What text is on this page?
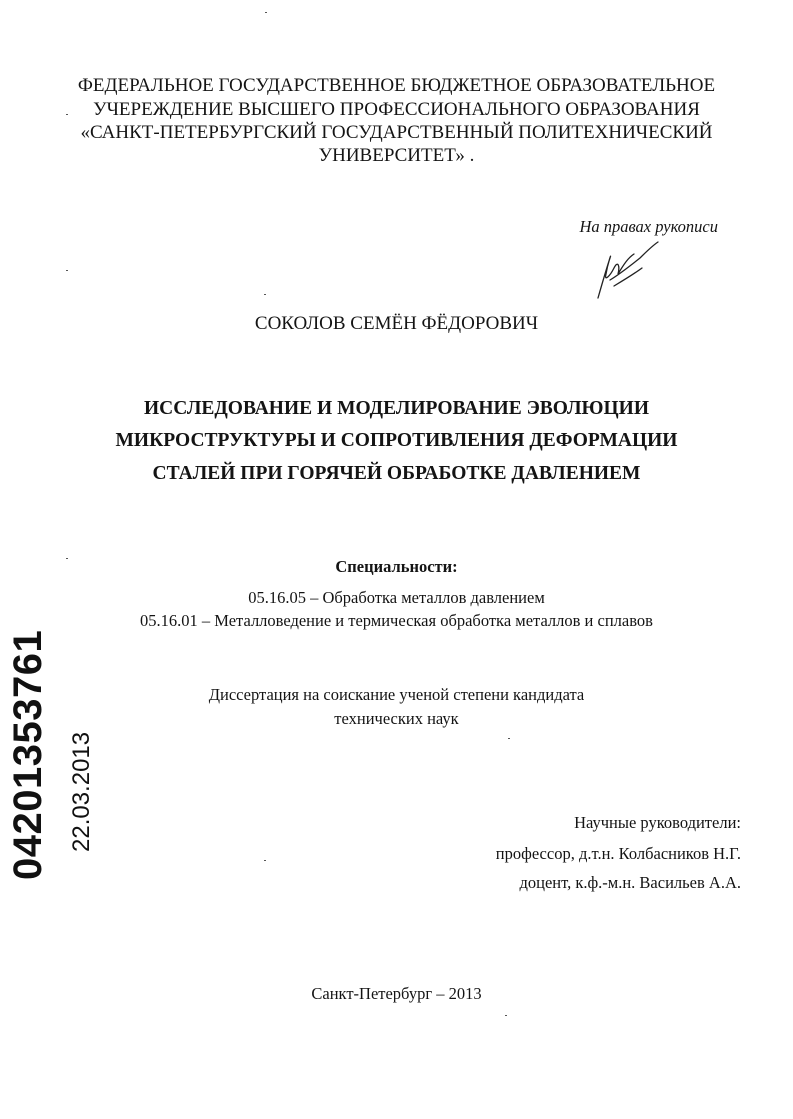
ФЕДЕРАЛЬНОЕ ГОСУДАРСТВЕННОЕ БЮДЖЕТНОЕ ОБРАЗОВАТЕЛЬНОЕ
УЧЕРЕЖДЕНИЕ ВЫСШЕГО ПРОФЕССИОНАЛЬНОГО ОБРАЗОВАНИЯ
«САНКТ-ПЕТЕРБУРГСКИЙ ГОСУДАРСТВЕННЫЙ ПОЛИТЕХНИЧЕСКИЙ
УНИВЕРСИТЕТ» .
На правах рукописи
СОКОЛОВ СЕМЁН ФЁДОРОВИЧ
ИССЛЕДОВАНИЕ И МОДЕЛИРОВАНИЕ ЭВОЛЮЦИИ
МИКРОСТРУКТУРЫ И СОПРОТИВЛЕНИЯ ДЕФОРМАЦИИ
СТАЛЕЙ ПРИ ГОРЯЧЕЙ ОБРАБОТКЕ ДАВЛЕНИЕМ
Специальности:
05.16.05 – Обработка металлов давлением
05.16.01 – Металловедение и термическая обработка металлов и сплавов
Диссертация на соискание ученой степени кандидата
технических наук
Научные руководители:
профессор, д.т.н. Колбасников Н.Г.
доцент, к.ф.-м.н. Васильев А.А.
Санкт-Петербург – 2013
04201353761 22.03.2013
